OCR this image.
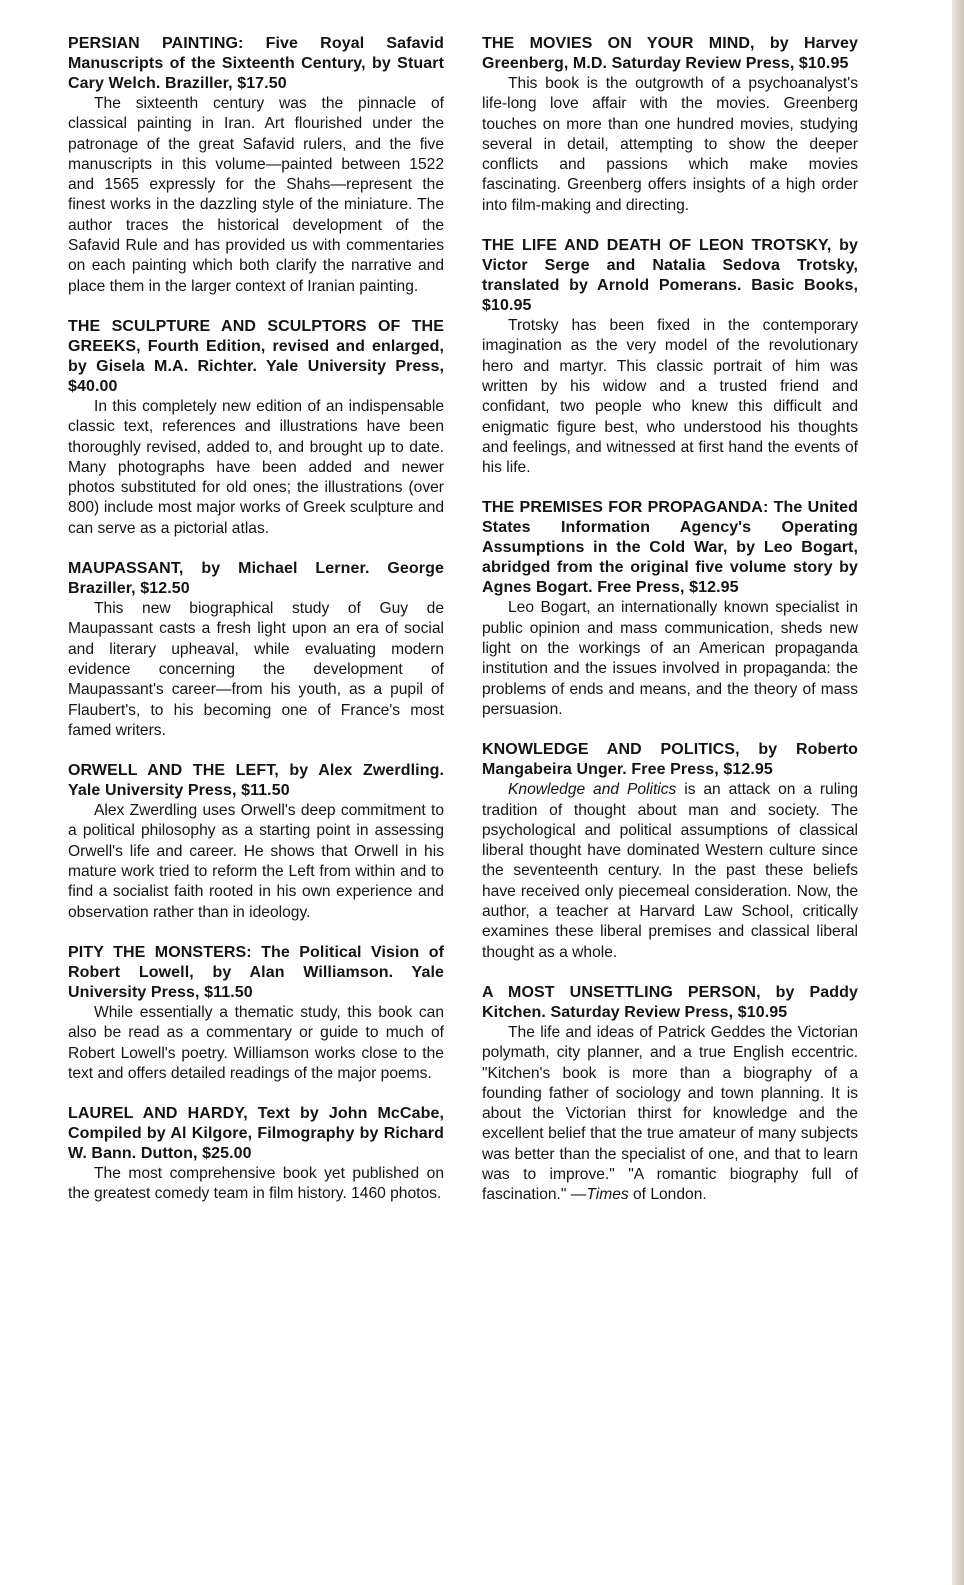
PERSIAN PAINTING: Five Royal Safavid Manuscripts of the Sixteenth Century, by Stuart Cary Welch. Braziller, $17.50

The sixteenth century was the pinnacle of classical painting in Iran. Art flourished under the patronage of the great Safavid rulers, and the five manuscripts in this volume—painted between 1522 and 1565 expressly for the Shahs—represent the finest works in the dazzling style of the miniature. The author traces the historical development of the Safavid Rule and has provided us with commentaries on each painting which both clarify the narrative and place them in the larger context of Iranian painting.

THE SCULPTURE AND SCULPTORS OF THE GREEKS, Fourth Edition, revised and enlarged, by Gisela M.A. Richter. Yale University Press, $40.00

In this completely new edition of an indispensable classic text, references and illustrations have been thoroughly revised, added to, and brought up to date. Many photographs have been added and newer photos substituted for old ones; the illustrations (over 800) include most major works of Greek sculpture and can serve as a pictorial atlas.

MAUPASSANT, by Michael Lerner. George Braziller, $12.50

This new biographical study of Guy de Maupassant casts a fresh light upon an era of social and literary upheaval, while evaluating modern evidence concerning the development of Maupassant's career—from his youth, as a pupil of Flaubert's, to his becoming one of France's most famed writers.

ORWELL AND THE LEFT, by Alex Zwerdling. Yale University Press, $11.50

Alex Zwerdling uses Orwell's deep commitment to a political philosophy as a starting point in assessing Orwell's life and career. He shows that Orwell in his mature work tried to reform the Left from within and to find a socialist faith rooted in his own experience and observation rather than in ideology.

PITY THE MONSTERS: The Political Vision of Robert Lowell, by Alan Williamson. Yale University Press, $11.50

While essentially a thematic study, this book can also be read as a commentary or guide to much of Robert Lowell's poetry. Williamson works close to the text and offers detailed readings of the major poems.

LAUREL AND HARDY, Text by John McCabe, Compiled by Al Kilgore, Filmography by Richard W. Bann. Dutton, $25.00

The most comprehensive book yet published on the greatest comedy team in film history. 1460 photos.

THE MOVIES ON YOUR MIND, by Harvey Greenberg, M.D. Saturday Review Press, $10.95

This book is the outgrowth of a psychoanalyst's life-long love affair with the movies. Greenberg touches on more than one hundred movies, studying several in detail, attempting to show the deeper conflicts and passions which make movies fascinating. Greenberg offers insights of a high order into film-making and directing.

THE LIFE AND DEATH OF LEON TROTSKY, by Victor Serge and Natalia Sedova Trotsky, translated by Arnold Pomerans. Basic Books, $10.95

Trotsky has been fixed in the contemporary imagination as the very model of the revolutionary hero and martyr. This classic portrait of him was written by his widow and a trusted friend and confidant, two people who knew this difficult and enigmatic figure best, who understood his thoughts and feelings, and witnessed at first hand the events of his life.

THE PREMISES FOR PROPAGANDA: The United States Information Agency's Operating Assumptions in the Cold War, by Leo Bogart, abridged from the original five volume story by Agnes Bogart. Free Press, $12.95

Leo Bogart, an internationally known specialist in public opinion and mass communication, sheds new light on the workings of an American propaganda institution and the issues involved in propaganda: the problems of ends and means, and the theory of mass persuasion.

KNOWLEDGE AND POLITICS, by Roberto Mangabeira Unger. Free Press, $12.95

Knowledge and Politics is an attack on a ruling tradition of thought about man and society. The psychological and political assumptions of classical liberal thought have dominated Western culture since the seventeenth century. In the past these beliefs have received only piecemeal consideration. Now, the author, a teacher at Harvard Law School, critically examines these liberal premises and classical liberal thought as a whole.

A MOST UNSETTLING PERSON, by Paddy Kitchen. Saturday Review Press, $10.95

The life and ideas of Patrick Geddes the Victorian polymath, city planner, and a true English eccentric. "Kitchen's book is more than a biography of a founding father of sociology and town planning. It is about the Victorian thirst for knowledge and the excellent belief that the true amateur of many subjects was better than the specialist of one, and that to learn was to improve." "A romantic biography full of fascination." —Times of London.
